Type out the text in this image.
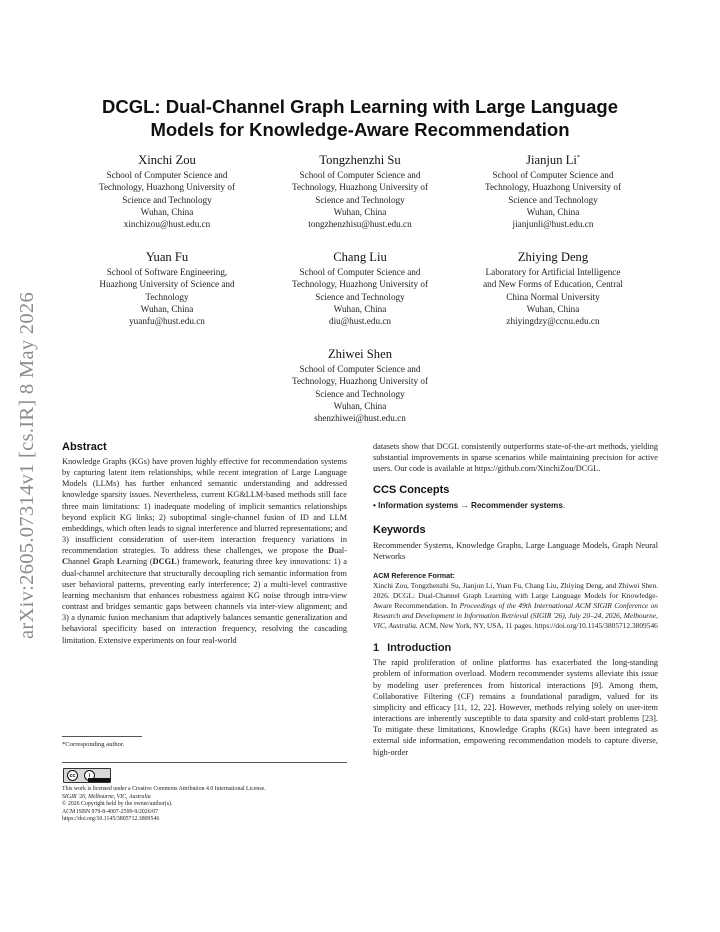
arXiv:2605.07314v1 [cs.IR] 8 May 2026
DCGL: Dual-Channel Graph Learning with Large Language Models for Knowledge-Aware Recommendation
Xinchi Zou
School of Computer Science and
Technology, Huazhong University of
Science and Technology
Wuhan, China
xinchizou@hust.edu.cn
Tongzhenzhi Su
School of Computer Science and
Technology, Huazhong University of
Science and Technology
Wuhan, China
tongzhenzhisu@hust.edu.cn
Jianjun Li*
School of Computer Science and
Technology, Huazhong University of
Science and Technology
Wuhan, China
jianjunli@hust.edu.cn
Yuan Fu
School of Software Engineering,
Huazhong University of Science and
Technology
Wuhan, China
yuanfu@hust.edu.cn
Chang Liu
School of Computer Science and
Technology, Huazhong University of
Science and Technology
Wuhan, China
diu@hust.edu.cn
Zhiying Deng
Laboratory for Artificial Intelligence
and New Forms of Education, Central
China Normal University
Wuhan, China
zhiyingdzy@ccnu.edu.cn
Zhiwei Shen
School of Computer Science and
Technology, Huazhong University of
Science and Technology
Wuhan, China
shenzhiwei@hust.edu.cn
Abstract

Knowledge Graphs (KGs) have proven highly effective for recommendation systems by capturing latent item relationships, while recent integration of Large Language Models (LLMs) has further enhanced semantic understanding and addressed knowledge sparsity issues. Nevertheless, current KG&LLM-based methods still face three main limitations: 1) inadequate modeling of implicit semantics relationships beyond explicit KG links; 2) suboptimal single-channel fusion of ID and LLM embeddings, which often leads to signal interference and blurred representations; and 3) insufficient consideration of user-item interaction frequency variations in recommendation strategies. To address these challenges, we propose the Dual-Channel Graph Learning (DCGL) framework, featuring three key innovations: 1) a dual-channel architecture that structurally decoupling rich semantic information from user behavioral patterns, preventing early interference; 2) a multi-level contrastive learning mechanism that enhances robustness against KG noise through intra-view contrast and bridges semantic gaps between channels via inter-view alignment; and 3) a dynamic fusion mechanism that adaptively balances semantic generalization and behavioral specificity based on interaction frequency, resolving the cascading limitation. Extensive experiments on four real-world

datasets show that DCGL consistently outperforms state-of-the-art methods, yielding substantial improvements in sparse scenarios while maintaining precision for active users. Our code is available at https://github.com/XinchiZou/DCGL.

CCS Concepts
• Information systems → Recommender systems.
Keywords

Recommender Systems, Knowledge Graphs, Large Language Models, Graph Neural Networks

ACM Reference Format:

Xinchi Zou, Tongzhenzhi Su, Jianjun Li, Yuan Fu, Chang Liu, Zhiying Deng, and Zhiwei Shen. 2026. DCGL: Dual-Channel Graph Learning with Large Language Models for Knowledge-Aware Recommendation. In Proceedings of the 49th International ACM SIGIR Conference on Research and Development in Information Retrieval (SIGIR '26), July 20–24, 2026, Melbourne, VIC, Australia. ACM, New York, NY, USA, 11 pages. https://doi.org/10.1145/3805712.3809546

1 Introduction

The rapid proliferation of online platforms has exacerbated the long-standing problem of information overload. Modern recommender systems alleviate this issue by modeling user preferences from historical interactions [9]. Among them, Collaborative Filtering (CF) remains a foundational paradigm, valued for its simplicity and efficacy [11, 12, 22]. However, methods relying solely on user-item interactions are inherently susceptible to data sparsity and cold-start problems [23]. To mitigate these limitations, Knowledge Graphs (KGs) have been integrated as external side information, empowering recommendation models to capture diverse, high-order

*Corresponding author.
cc	i
This work is licensed under a Creative Commons Attribution 4.0 International License.
SIGIR '26, Melbourne, VIC, Australia
© 2026 Copyright held by the owner/author(s).
ACM ISBN 979-8-4007-2599-9/2026/07
https://doi.org/10.1145/3805712.3809546
